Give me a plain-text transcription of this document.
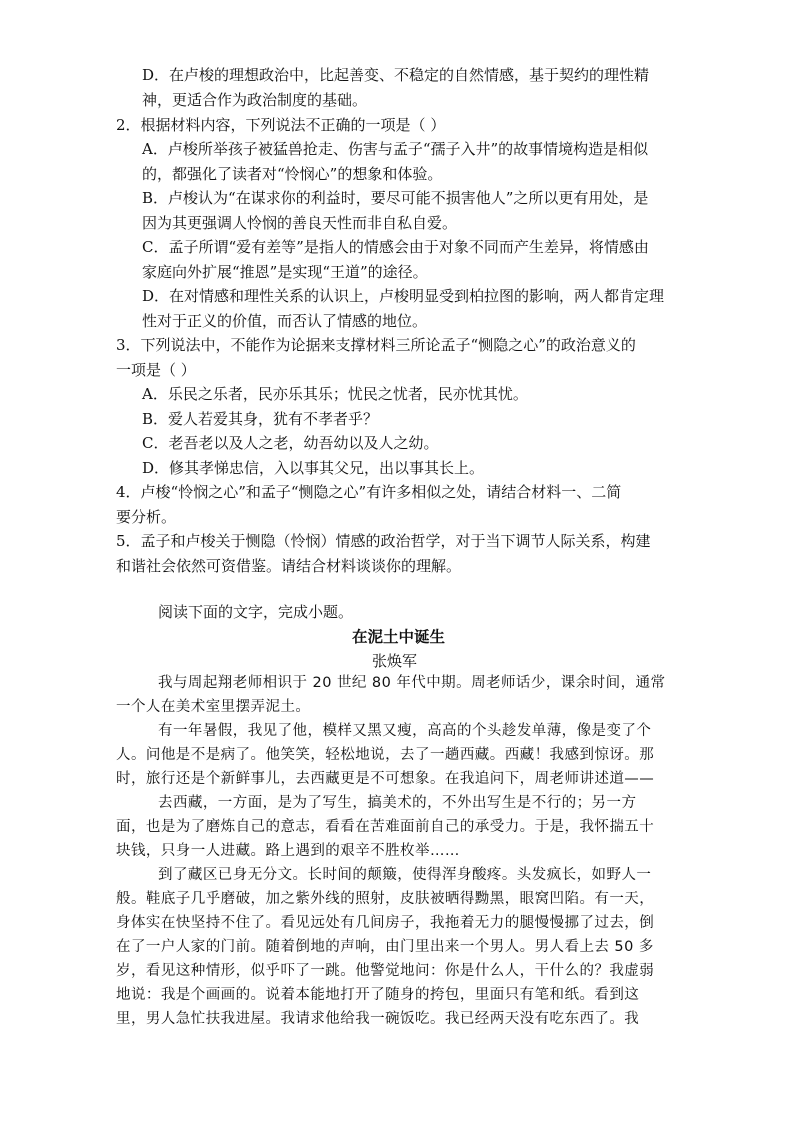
D．在卢梭的理想政治中，比起善变、不稳定的自然情感，基于契约的理性精
神，更适合作为政治制度的基础。
2．根据材料内容，下列说法不正确的一项是（ ）
A．卢梭所举孩子被猛兽抢走、伤害与孟子“孺子入井”的故事情境构造是相似
的，都强化了读者对“怜悯心”的想象和体验。
B．卢梭认为“在谋求你的利益时，要尽可能不损害他人”之所以更有用处，是
因为其更强调人怜悯的善良天性而非自私自爱。
C．孟子所谓“爱有差等”是指人的情感会由于对象不同而产生差异，将情感由
家庭向外扩展“推恩”是实现“王道”的途径。
D．在对情感和理性关系的认识上，卢梭明显受到柏拉图的影响，两人都肯定理
性对于正义的价值，而否认了情感的地位。
3．下列说法中，不能作为论据来支撑材料三所论孟子“恻隐之心”的政治意义的
一项是（ ）
A．乐民之乐者，民亦乐其乐；忧民之忧者，民亦忧其忧。
B．爱人若爱其身，犹有不孝者乎？
C．老吾老以及人之老，幼吾幼以及人之幼。
D．修其孝悌忠信，入以事其父兄，出以事其长上。
4．卢梭“怜悯之心”和孟子“恻隐之心”有许多相似之处，请结合材料一、二简
要分析。
5．孟子和卢梭关于恻隐（怜悯）情感的政治哲学，对于当下调节人际关系，构建
和谐社会依然可资借鉴。请结合材料谈谈你的理解。
阅读下面的文字，完成小题。
在泥土中诞生
张焕军
我与周起翔老师相识于 20 世纪 80 年代中期。周老师话少，课余时间，通常
一个人在美术室里摆弄泥土。
有一年暑假，我见了他，模样又黑又瘦，高高的个头趁发单薄，像是变了个
人。问他是不是病了。他笑笑，轻松地说，去了一趟西藏。西藏！我感到惊讶。那
时，旅行还是个新鲜事儿，去西藏更是不可想象。在我追问下，周老师讲述道——
去西藏，一方面，是为了写生，搞美术的，不外出写生是不行的；另一方
面，也是为了磨炼自己的意志，看看在苦难面前自己的承受力。于是，我怀揣五十
块钱，只身一人进藏。路上遇到的艰辛不胜枚举……
到了藏区已身无分文。长时间的颠簸，使得浑身酸疼。头发疯长，如野人一
般。鞋底子几乎磨破，加之紫外线的照射，皮肤被晒得黝黑，眼窝凹陷。有一天，
身体实在快坚持不住了。看见远处有几间房子，我拖着无力的腿慢慢挪了过去，倒
在了一户人家的门前。随着倒地的声响，由门里出来一个男人。男人看上去 50 多
岁，看见这种情形，似乎吓了一跳。他警觉地问：你是什么人，干什么的？我虚弱
地说：我是个画画的。说着本能地打开了随身的挎包，里面只有笔和纸。看到这
里，男人急忙扶我进屋。我请求他给我一碗饭吃。我已经两天没有吃东西了。我
